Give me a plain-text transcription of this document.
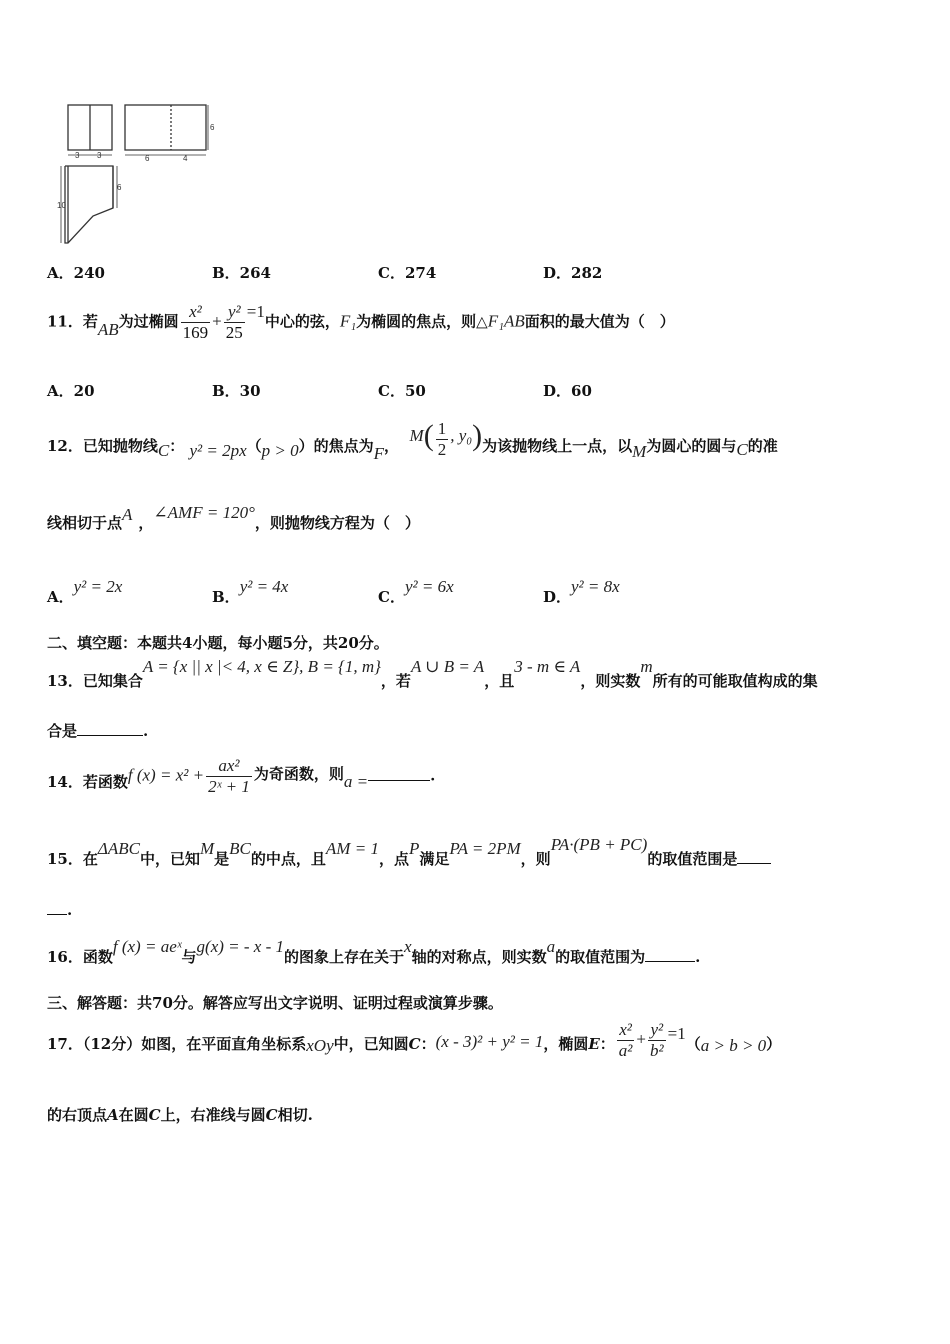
3 3	6	4
6
6
10
A．240	B．264	C．274	D．282
11．若AB为过椭圆 $\frac{\text{x²}}{169} + \frac{\text{y²}}{25} =1$中心的弦，F₁为椭圆的焦点，则△F₁AB面积的最大值为（　）
A．20	B．30	C．50	D．60
12．已知抛物线C： y² = 2px（p > 0）的焦点为F，  $M( \frac{1}{2}$ , y₀)为该抛物线上一点，以M为圆心的圆与C的准
线相切于点A ，∠AMF = 120°，则抛物线方程为（　）
A．y² = 2x
B．y² = 4x
C．y² = 6x
D．y² = 8x
二、填空题：本题共4小题，每小题5分，共20分。
13．已知集合A = {x || x |< 4, x ∈ Z}, B = {1, m}，若A ∪ B = A，且3 - m ∈ A，则实数m所有的可能取值构成的集
合是	.
14．若函数f $(x) = x^2 + \frac{\text{ax²}}{\text{2ˣ + 1}}$ 为奇函数，则a =	.
15．在ΔABC中，已知M是BC的中点，且AM = 1，点P满足PA = 2PM，则PA·(PB + PC)的取值范围是
.
16．函数f (x) = aeˣ与g(x) = - x - 1的图象上存在关于x轴的对称点，则实数a的取值范围为	.
三、解答题：共70分。解答应写出文字说明、证明过程或演算步骤。
17．（12分）如图，在平面直角坐标系xOy中，已知圆C：(x - 3)² + y² = 1，椭圆E： $\frac{\text{x²}}{\text{a²}} + \frac{\text{y²}}{\text{b²}} =1(a > b > 0)$
的右顶点A在圆C上，右准线与圆C相切.
